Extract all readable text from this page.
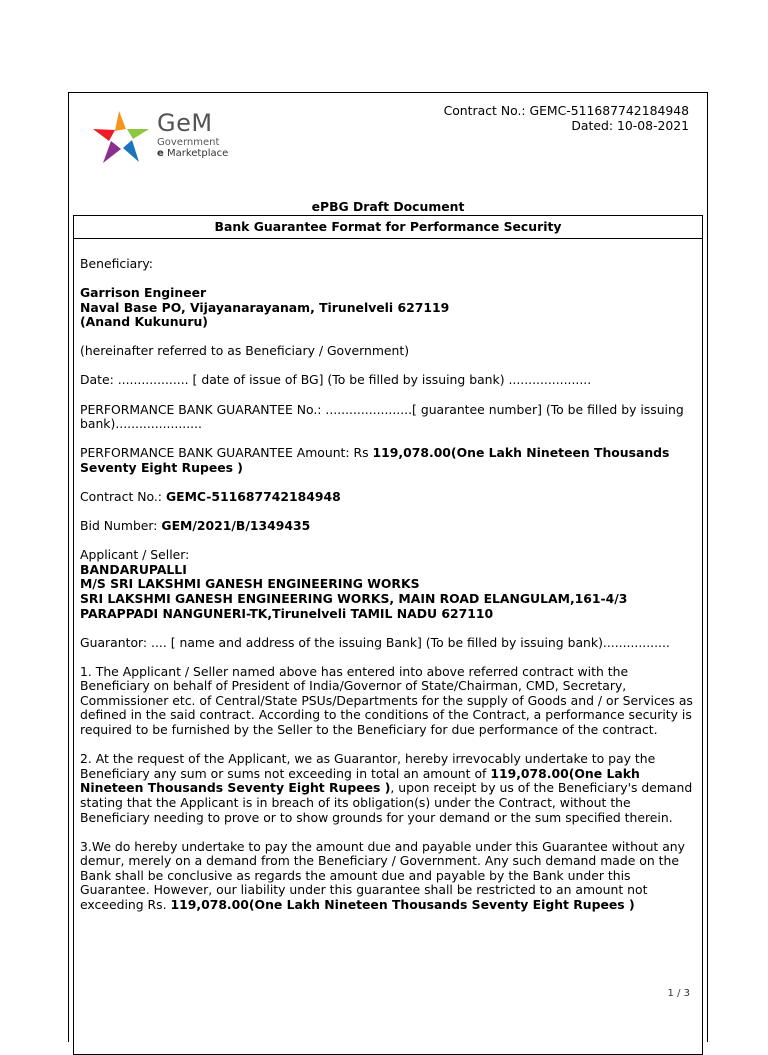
GeM
Government
e Marketplace
Contract No.: GEMC-511687742184948
Dated: 10-08-2021
ePBG Draft Document
Bank Guarantee Format for Performance Security

Beneficiary:

Garrison Engineer
Naval Base PO, Vijayanarayanam, Tirunelveli 627119
(Anand Kukunuru)

(hereinafter referred to as Beneficiary / Government)

Date: .................. [ date of issue of BG] (To be filled by issuing bank) .....................

PERFORMANCE BANK GUARANTEE No.: ......................[ guarantee number] (To be filled by issuing bank)......................

PERFORMANCE BANK GUARANTEE Amount: Rs 119,078.00(One Lakh Nineteen Thousands Seventy Eight Rupees )

Contract No.: GEMC-511687742184948

Bid Number: GEM/2021/B/1349435

Applicant / Seller:
BANDARUPALLI
M/S SRI LAKSHMI GANESH ENGINEERING WORKS
SRI LAKSHMI GANESH ENGINEERING WORKS, MAIN ROAD ELANGULAM,161-4/3
PARAPPADI NANGUNERI-TK,Tirunelveli TAMIL NADU 627110

Guarantor: .... [ name and address of the issuing Bank] (To be filled by issuing bank).................

1. The Applicant / Seller named above has entered into above referred contract with the Beneficiary on behalf of President of India/Governor of State/Chairman, CMD, Secretary, Commissioner etc. of Central/State PSUs/Departments for the supply of Goods and / or Services as defined in the said contract. According to the conditions of the Contract, a performance security is required to be furnished by the Seller to the Beneficiary for due performance of the contract.

2. At the request of the Applicant, we as Guarantor, hereby irrevocably undertake to pay the Beneficiary any sum or sums not exceeding in total an amount of 119,078.00(One Lakh Nineteen Thousands Seventy Eight Rupees ), upon receipt by us of the Beneficiary's demand stating that the Applicant is in breach of its obligation(s) under the Contract, without the Beneficiary needing to prove or to show grounds for your demand or the sum specified therein.

3.We do hereby undertake to pay the amount due and payable under this Guarantee without any demur, merely on a demand from the Beneficiary / Government. Any such demand made on the Bank shall be conclusive as regards the amount due and payable by the Bank under this Guarantee. However, our liability under this guarantee shall be restricted to an amount not exceeding Rs. 119,078.00(One Lakh Nineteen Thousands Seventy Eight Rupees )

1 / 3
